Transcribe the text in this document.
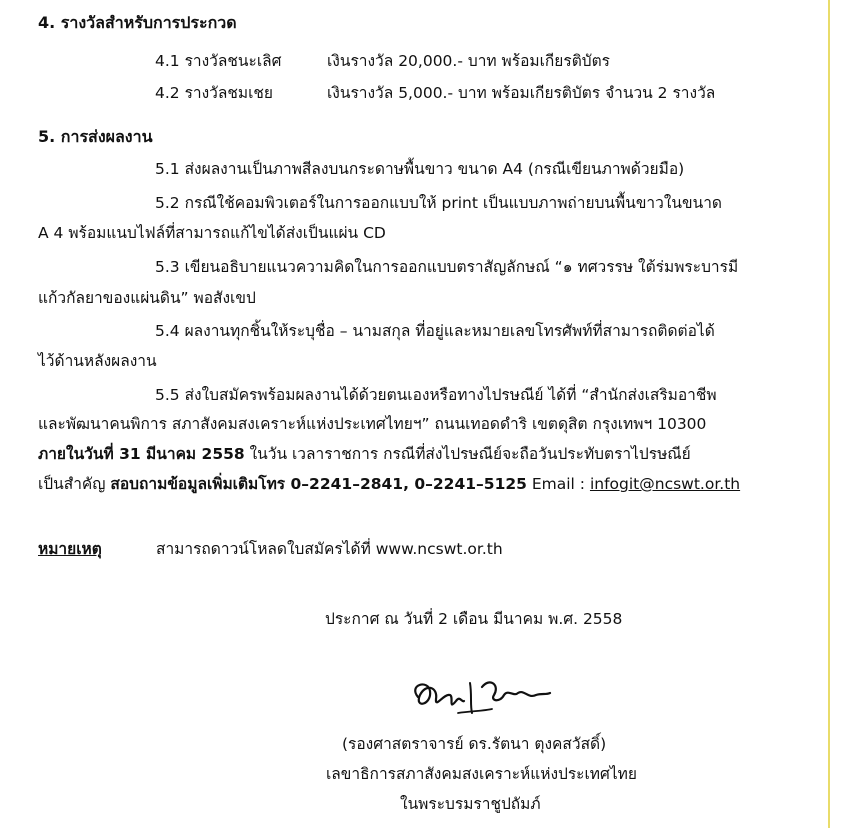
4. รางวัลสำหรับการประกวด
4.1 รางวัลชนะเลิศ	เงินรางวัล 20,000.- บาท พร้อมเกียรติบัตร
4.2 รางวัลชมเชย	เงินรางวัล 5,000.- บาท พร้อมเกียรติบัตร จำนวน 2 รางวัล
5. การส่งผลงาน
5.1 ส่งผลงานเป็นภาพสีลงบนกระดาษพื้นขาว ขนาด A4 (กรณีเขียนภาพด้วยมือ)
5.2 กรณีใช้คอมพิวเตอร์ในการออกแบบให้ print เป็นแบบภาพถ่ายบนพื้นขาวในขนาด
A 4 พร้อมแนบไฟล์ที่สามารถแก้ไขได้ส่งเป็นแผ่น CD
5.3 เขียนอธิบายแนวความคิดในการออกแบบตราสัญลักษณ์ “๑ ทศวรรษ ใต้ร่มพระบารมี
แก้วกัลยาของแผ่นดิน” พอสังเขป
5.4 ผลงานทุกชิ้นให้ระบุชื่อ – นามสกุล ที่อยู่และหมายเลขโทรศัพท์ที่สามารถติดต่อได้
ไว้ด้านหลังผลงาน
5.5 ส่งใบสมัครพร้อมผลงานได้ด้วยตนเองหรือทางไปรษณีย์ ได้ที่ “สำนักส่งเสริมอาชีพ
และพัฒนาคนพิการ สภาสังคมสงเคราะห์แห่งประเทศไทยฯ” ถนนเทอดดำริ เขตดุสิต กรุงเทพฯ 10300
ภายในวันที่ 31 มีนาคม 2558 ในวัน เวลาราชการ กรณีที่ส่งไปรษณีย์จะถือวันประทับตราไปรษณีย์
เป็นสำคัญ สอบถามข้อมูลเพิ่มเติมโทร 0–2241–2841, 0–2241–5125 Email : infogit@ncswt.or.th
หมายเหตุ	สามารถดาวน์โหลดใบสมัครได้ที่ www.ncswt.or.th
ประกาศ ณ วันที่ 2 เดือน มีนาคม พ.ศ. 2558
(รองศาสตราจารย์ ดร.รัตนา ตุงคสวัสดิ์)
เลขาธิการสภาสังคมสงเคราะห์แห่งประเทศไทย
ในพระบรมราชูปถัมภ์
